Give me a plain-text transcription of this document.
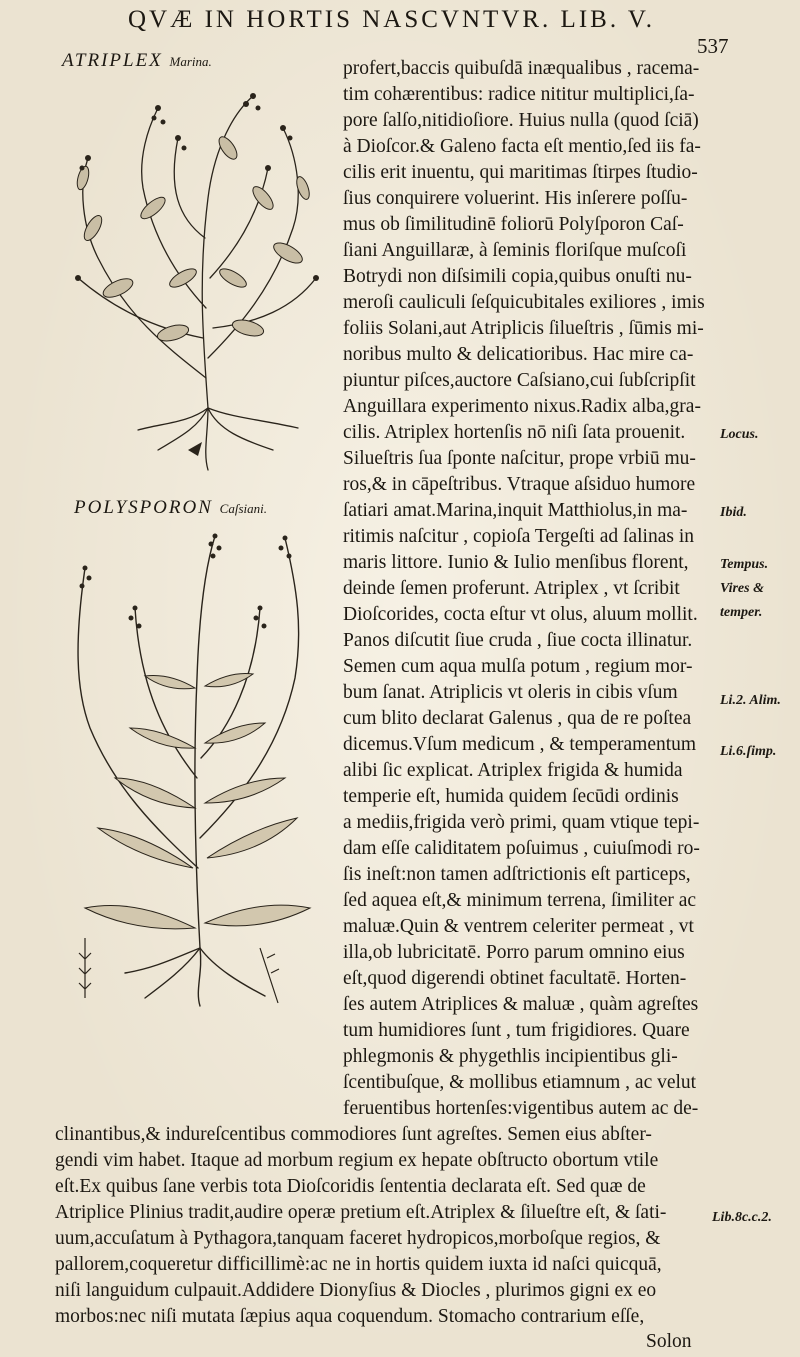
QVÆ IN HORTIS NASCVNTVR. LIB. V.
537
ATRIPLEX Marina.
POLYSPORON Caſsiani.
profert,baccis quibuſdā inæqualibus , racema-
tim cohærentibus: radice nititur multiplici,ſa-
pore ſalſo,nitidioſiore. Huius nulla (quod ſciā)
à Dioſcor.& Galeno facta eſt mentio,ſed iis fa-
cilis erit inuentu, qui maritimas ſtirpes ſtudio-
ſius conquirere voluerint. His inſerere poſſu-
mus ob ſimilitudinē foliorū Polyſporon Caſ-
ſiani Anguillaræ, à ſeminis floriſque muſcoſi
Botrydi non diſsimili copia,quibus onuſti nu-
meroſi cauliculi ſeſquicubitales exiliores , imis
foliis Solani,aut Atriplicis ſilueſtris , ſūmis mi-
noribus multo & delicatioribus. Hac mire ca-
piuntur piſces,auctore Caſsiano,cui ſubſcripſit
Anguillara experimento nixus.Radix alba,gra-
cilis. Atriplex hortenſis nō niſi ſata prouenit.
Silueſtris ſua ſponte naſcitur, prope vrbiū mu-
ros,& in cāpeſtribus. Vtraque aſsiduo humore
ſatiari amat.Marina,inquit Matthiolus,in ma-
ritimis naſcitur , copioſa Tergeſti ad ſalinas in
maris littore. Iunio & Iulio menſibus florent,
deinde ſemen proferunt. Atriplex , vt ſcribit
Dioſcorides, cocta eſtur vt olus, aluum mollit.
Panos diſcutit ſiue cruda , ſiue cocta illinatur.
Semen cum aqua mulſa potum , regium mor-
bum ſanat. Atriplicis vt oleris in cibis vſum
cum blito declarat Galenus , qua de re poſtea
dicemus.Vſum medicum , & temperamentum
alibi ſic explicat. Atriplex frigida & humida
temperie eſt, humida quidem ſecūdi ordinis
a mediis,frigida verò primi, quam vtique tepi-
dam eſſe caliditatem poſuimus , cuiuſmodi ro-
ſis ineſt:non tamen adſtrictionis eſt particeps,
ſed aquea eſt,& minimum terrena, ſimiliter ac
maluæ.Quin & ventrem celeriter permeat , vt
illa,ob lubricitatē. Porro parum omnino eius
eſt,quod digerendi obtinet facultatē. Horten-
ſes autem Atriplices & maluæ , quàm agreſtes
tum humidiores ſunt , tum frigidiores. Quare
phlegmonis & phygethlis incipientibus gli-
ſcentibuſque, & mollibus etiamnum , ac velut
feruentibus hortenſes:vigentibus autem ac de-
clinantibus,& indureſcentibus commodiores ſunt agreſtes. Semen eius abſter-
gendi vim habet. Itaque ad morbum regium ex hepate obſtructo obortum vtile
eſt.Ex quibus ſane verbis tota Dioſcoridis ſententia declarata eſt. Sed quæ de
Atriplice Plinius tradit,audire operæ pretium eſt.Atriplex & ſilueſtre eſt, & ſati-
uum,accuſatum à Pythagora,tanquam faceret hydropicos,morboſque regios, &
pallorem,coqueretur difficillimè:ac ne in hortis quidem iuxta id naſci quicquā,
niſi languidum culpauit.Addidere Dionyſius & Diocles , plurimos gigni ex eo
morbos:nec niſi mutata ſæpius aqua coquendum. Stomacho contrarium eſſe,
Solon
Locus.
Ibid.
Tempus.
Vires &
temper.
Li.2. Alim.
Li.6.ſimp.
Lib.8c.c.2.
